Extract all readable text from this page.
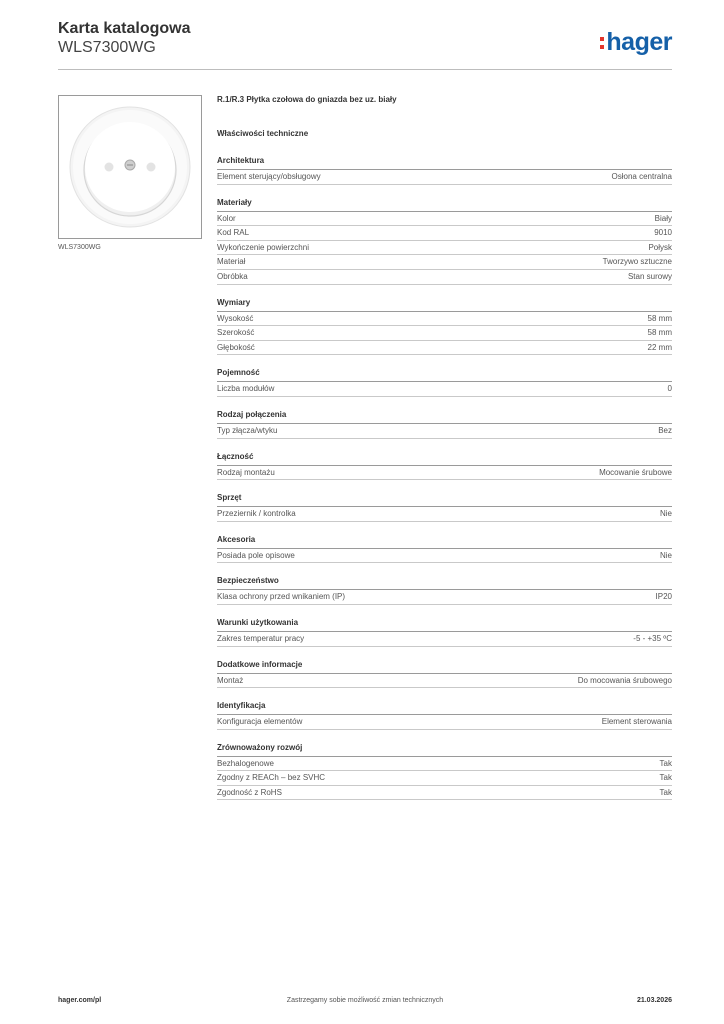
Karta katalogowa
WLS7300WG	hager
WLS7300WG
R.1/R.3 Płytka czołowa do gniazda bez uz. biały
Właściwości techniczne
Architektura
Element sterujący/obsługowy	Osłona centralna
Materiały
Kolor	Biały
Kod RAL	9010
Wykończenie powierzchni	Połysk
Materiał	Tworzywo sztuczne
Obróbka	Stan surowy
Wymiary
Wysokość	58 mm
Szerokość	58 mm
Głębokość	22 mm
Pojemność
Liczba modułów	0
Rodzaj połączenia
Typ złącza/wtyku	Bez
Łączność
Rodzaj montażu	Mocowanie śrubowe
Sprzęt
Przeziernik / kontrolka	Nie
Akcesoria
Posiada pole opisowe	Nie
Bezpieczeństwo
Klasa ochrony przed wnikaniem (IP)	IP20
Warunki użytkowania
Zakres temperatur pracy	-5 - +35 ºC
Dodatkowe informacje
Montaż	Do mocowania śrubowego
Identyfikacja
Konfiguracja elementów	Element sterowania
Zrównoważony rozwój
Bezhalogenowe	Tak
Zgodny z REACh – bez SVHC	Tak
Zgodność z RoHS	Tak
hager.com/pl	Zastrzegamy sobie możliwość zmian technicznych	21.03.2026
